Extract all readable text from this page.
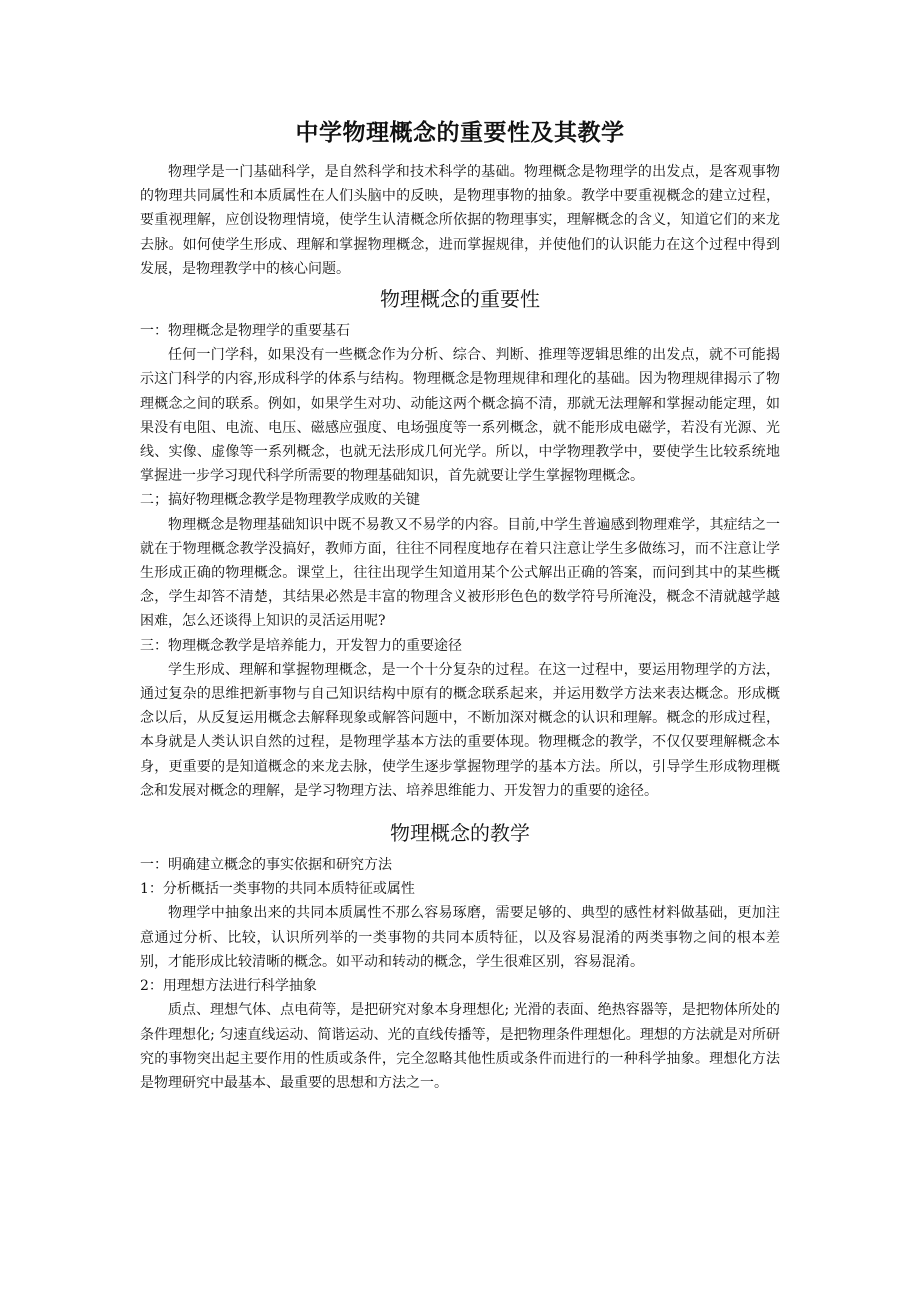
中学物理概念的重要性及其教学

物理学是一门基础科学，是自然科学和技术科学的基础。物理概念是物理学的出发点，是客观事物的物理共同属性和本质属性在人们头脑中的反映，是物理事物的抽象。教学中要重视概念的建立过程，要重视理解，应创设物理情境，使学生认清概念所依据的物理事实，理解概念的含义，知道它们的来龙去脉。如何使学生形成、理解和掌握物理概念，进而掌握规律，并使他们的认识能力在这个过程中得到发展，是物理教学中的核心问题。

物理概念的重要性

一：物理概念是物理学的重要基石

任何一门学科，如果没有一些概念作为分析、综合、判断、推理等逻辑思维的出发点，就不可能揭示这门科学的内容,形成科学的体系与结构。物理概念是物理规律和理化的基础。因为物理规律揭示了物理概念之间的联系。例如，如果学生对功、动能这两个概念搞不清，那就无法理解和掌握动能定理，如果没有电阻、电流、电压、磁感应强度、电场强度等一系列概念，就不能形成电磁学，若没有光源、光线、实像、虚像等一系列概念，也就无法形成几何光学。所以，中学物理教学中，要使学生比较系统地掌握进一步学习现代科学所需要的物理基础知识，首先就要让学生掌握物理概念。

二；搞好物理概念教学是物理教学成败的关键

物理概念是物理基础知识中既不易教又不易学的内容。目前,中学生普遍感到物理难学，其症结之一就在于物理概念教学没搞好，教师方面，往往不同程度地存在着只注意让学生多做练习，而不注意让学生形成正确的物理概念。课堂上，往往出现学生知道用某个公式解出正确的答案，而问到其中的某些概念，学生却答不清楚，其结果必然是丰富的物理含义被形形色色的数学符号所淹没，概念不清就越学越困难，怎么还谈得上知识的灵活运用呢?

三：物理概念教学是培养能力，开发智力的重要途径

学生形成、理解和掌握物理概念，是一个十分复杂的过程。在这一过程中，要运用物理学的方法，通过复杂的思维把新事物与自己知识结构中原有的概念联系起来，并运用数学方法来表达概念。形成概念以后，从反复运用概念去解释现象或解答问题中，不断加深对概念的认识和理解。概念的形成过程，本身就是人类认识自然的过程，是物理学基本方法的重要体现。物理概念的教学，不仅仅要理解概念本身，更重要的是知道概念的来龙去脉，使学生逐步掌握物理学的基本方法。所以，引导学生形成物理概念和发展对概念的理解，是学习物理方法、培养思维能力、开发智力的重要的途径。

物理概念的教学

一：明确建立概念的事实依据和研究方法

1：分析概括一类事物的共同本质特征或属性

物理学中抽象出来的共同本质属性不那么容易琢磨，需要足够的、典型的感性材料做基础，更加注意通过分析、比较，认识所列举的一类事物的共同本质特征，以及容易混淆的两类事物之间的根本差别，才能形成比较清晰的概念。如平动和转动的概念，学生很难区别，容易混淆。

2：用理想方法进行科学抽象

质点、理想气体、点电荷等，是把研究对象本身理想化; 光滑的表面、绝热容器等，是把物体所处的条件理想化; 匀速直线运动、简谐运动、光的直线传播等，是把物理条件理想化。理想的方法就是对所研究的事物突出起主要作用的性质或条件，完全忽略其他性质或条件而进行的一种科学抽象。理想化方法是物理研究中最基本、最重要的思想和方法之一。
